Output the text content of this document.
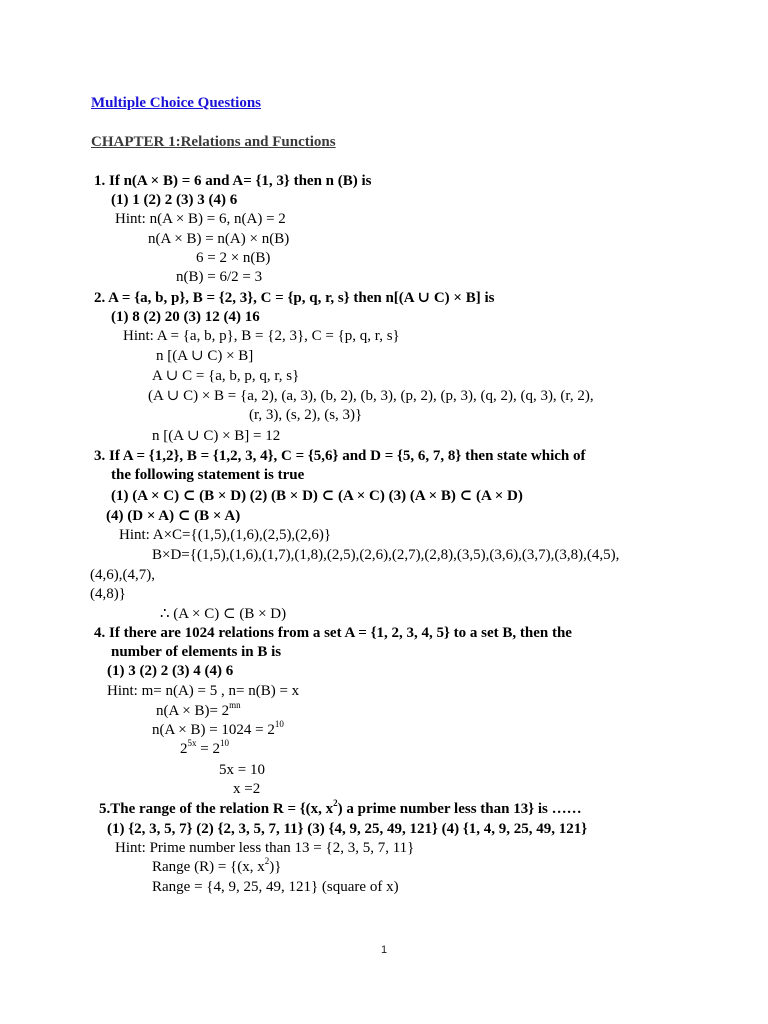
Multiple Choice Questions
CHAPTER 1:Relations and Functions
1. If n(A × B) = 6 and A= {1, 3} then n (B) is
(1) 1 (2) 2 (3) 3 (4) 6
Hint: n(A × B) = 6, n(A) = 2
n(A × B) = n(A) × n(B)
6 = 2 × n(B)
n(B) = 6/2 = 3
2. A = {a, b, p}, B = {2, 3}, C = {p, q, r, s} then n[(A ∪ C) × B] is
(1) 8 (2) 20 (3) 12 (4) 16
Hint: A = {a, b, p}, B = {2, 3}, C = {p, q, r, s}
n [(A ∪ C) × B]
A ∪ C = {a, b, p, q, r, s}
(A ∪ C) × B = {a, 2), (a, 3), (b, 2), (b, 3), (p, 2), (p, 3), (q, 2), (q, 3), (r, 2),
(r, 3), (s, 2), (s, 3)}
n [(A ∪ C) × B] = 12
3. If A = {1,2}, B = {1,2, 3, 4}, C = {5,6} and D = {5, 6, 7, 8} then state which of
the following statement is true
(1) (A × C) ⊂ (B × D) (2) (B × D) ⊂ (A × C) (3) (A × B) ⊂ (A × D)
(4) (D × A) ⊂ (B × A)
Hint: A×C={(1,5),(1,6),(2,5),(2,6)}
B×D={(1,5),(1,6),(1,7),(1,8),(2,5),(2,6),(2,7),(2,8),(3,5),(3,6),(3,7),(3,8),(4,5),
(4,6),(4,7),
(4,8)}
∴ (A × C) ⊂ (B × D)
4. If there are 1024 relations from a set A = {1, 2, 3, 4, 5} to a set B, then the
number of elements in B is
(1) 3 (2) 2 (3) 4 (4) 6
Hint: m= n(A) = 5 , n= n(B) = x
$n(A \times B)= 2^{mn}$
$n(A \times B) = 1024 = 2^{10}$
$2^{5x} = 2^{10}$
5x = 10
x =2
5.The range of the relation R = {(x, $x^2$) a prime number less than 13} is ……
(1) {2, 3, 5, 7} (2) {2, 3, 5, 7, 11} (3) {4, 9, 25, 49, 121} (4) {1, 4, 9, 25, 49, 121}
Hint: Prime number less than 13 = {2, 3, 5, 7, 11}
Range (R) = {(x, $x^2$)}
Range = {4, 9, 25, 49, 121} (square of x)
1
